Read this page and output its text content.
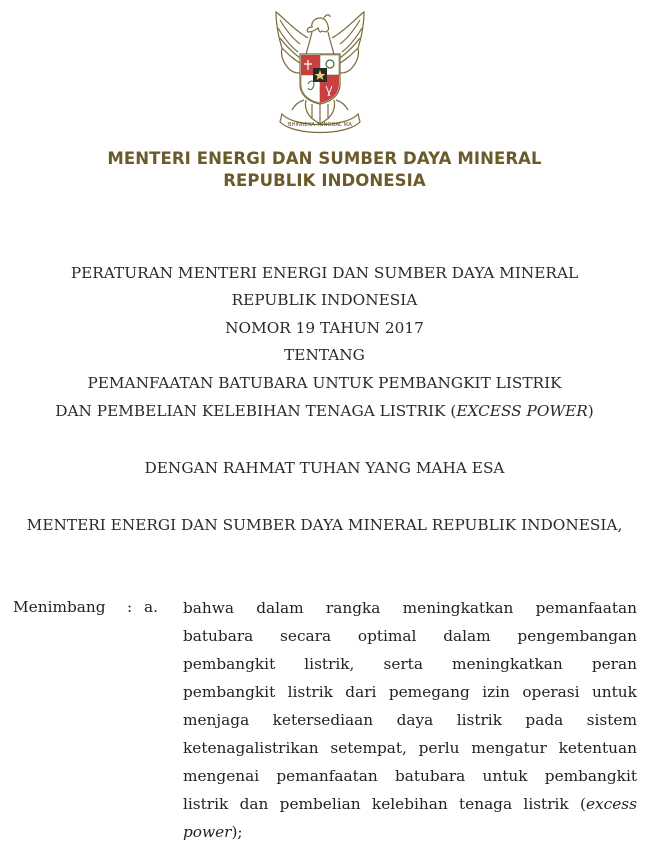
BHINNEKA TUNGGAL IKA
MENTERI ENERGI DAN SUMBER DAYA MINERAL
REPUBLIK INDONESIA
PERATURAN MENTERI ENERGI DAN SUMBER DAYA MINERAL
REPUBLIK INDONESIA
NOMOR 19 TAHUN 2017
TENTANG
PEMANFAATAN BATUBARA UNTUK PEMBANGKIT LISTRIK
DAN PEMBELIAN KELEBIHAN TENAGA LISTRIK (EXCESS POWER)
DENGAN RAHMAT TUHAN YANG MAHA ESA
MENTERI ENERGI DAN SUMBER DAYA MINERAL REPUBLIK INDONESIA,
Menimbang : a. bahwa dalam rangka meningkatkan pemanfaatan
batubara secara optimal dalam pengembangan
pembangkit listrik, serta meningkatkan peran
pembangkit listrik dari pemegang izin operasi untuk
menjaga ketersediaan daya listrik pada sistem
ketenagalistrikan setempat, perlu mengatur ketentuan
mengenai pemanfaatan batubara untuk pembangkit
listrik dan pembelian kelebihan tenaga listrik (excess
power);
